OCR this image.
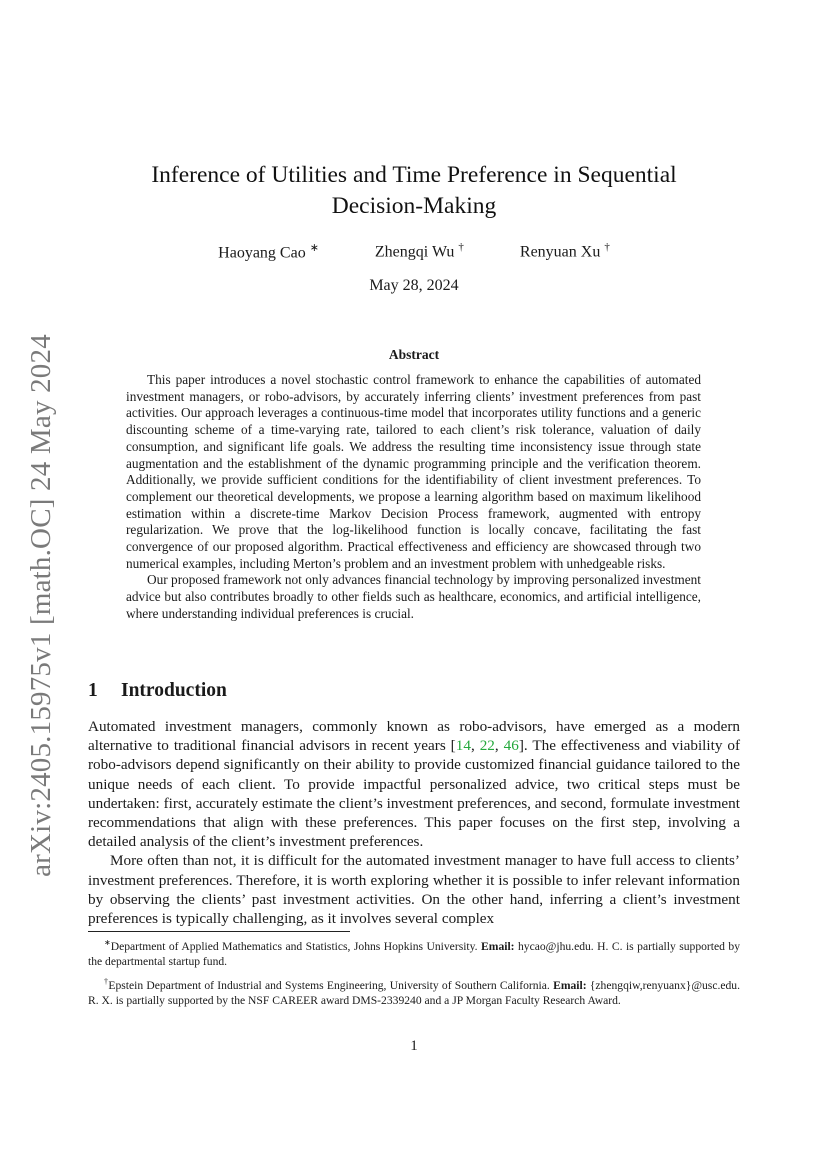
arXiv:2405.15975v1 [math.OC] 24 May 2024
Inference of Utilities and Time Preference in Sequential Decision-Making
Haoyang Cao ∗	Zhengqi Wu †	Renyuan Xu †
May 28, 2024
Abstract

This paper introduces a novel stochastic control framework to enhance the capabilities of automated investment managers, or robo-advisors, by accurately inferring clients’ investment preferences from past activities. Our approach leverages a continuous-time model that incorporates utility functions and a generic discounting scheme of a time-varying rate, tailored to each client’s risk tolerance, valuation of daily consumption, and significant life goals. We address the resulting time inconsistency issue through state augmentation and the establishment of the dynamic programming principle and the verification theorem. Additionally, we provide sufficient conditions for the identifiability of client investment preferences. To complement our theoretical developments, we propose a learning algorithm based on maximum likelihood estimation within a discrete-time Markov Decision Process framework, augmented with entropy regularization. We prove that the log-likelihood function is locally concave, facilitating the fast convergence of our proposed algorithm. Practical effectiveness and efficiency are showcased through two numerical examples, including Merton’s problem and an investment problem with unhedgeable risks.

Our proposed framework not only advances financial technology by improving personalized investment advice but also contributes broadly to other fields such as healthcare, economics, and artificial intelligence, where understanding individual preferences is crucial.

1 Introduction

Automated investment managers, commonly known as robo-advisors, have emerged as a modern alternative to traditional financial advisors in recent years [14, 22, 46]. The effectiveness and viability of robo-advisors depend significantly on their ability to provide customized financial guidance tailored to the unique needs of each client. To provide impactful personalized advice, two critical steps must be undertaken: first, accurately estimate the client’s investment preferences, and second, formulate investment recommendations that align with these preferences. This paper focuses on the first step, involving a detailed analysis of the client’s investment preferences.

More often than not, it is difficult for the automated investment manager to have full access to clients’ investment preferences. Therefore, it is worth exploring whether it is possible to infer relevant information by observing the clients’ past investment activities. On the other hand, inferring a client’s investment preferences is typically challenging, as it involves several complex

∗Department of Applied Mathematics and Statistics, Johns Hopkins University. Email: hycao@jhu.edu. H. C. is partially supported by the departmental startup fund.

†Epstein Department of Industrial and Systems Engineering, University of Southern California. Email: {zhengqiw,renyuanx}@usc.edu. R. X. is partially supported by the NSF CAREER award DMS-2339240 and a JP Morgan Faculty Research Award.

1
